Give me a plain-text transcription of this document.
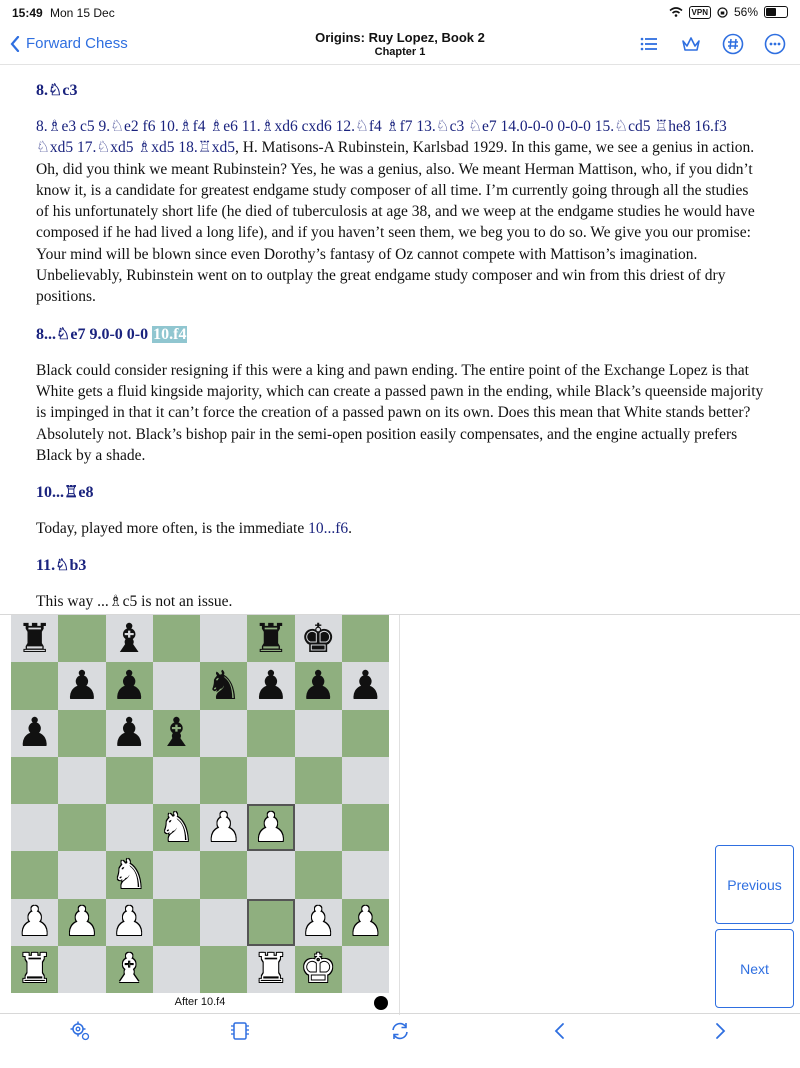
15:49 Mon 15 Dec	VPN 56%
Forward Chess	Origins: Ruy Lopez, Book 2
Chapter 1
8.♘c3

8.♗e3 c5 9.♘e2 f6 10.♗f4 ♗e6 11.♗xd6 cxd6 12.♘f4 ♗f7 13.♘c3 ♘e7 14.0-0-0 0-0-0 15.♘cd5 ♖he8 16.f3 ♘xd5 17.♘xd5 ♗xd5 18.♖xd5, H. Matisons-A Rubinstein, Karlsbad 1929. In this game, we see a genius in action. Oh, did you think we meant Rubinstein? Yes, he was a genius, also. We meant Herman Mattison, who, if you didn’t know it, is a candidate for greatest endgame study composer of all time. I’m currently going through all the studies of his unfortunately short life (he died of tuberculosis at age 38, and we weep at the endgame studies he would have composed if he had lived a long life), and if you haven’t seen them, we beg you to do so. We give you our promise: Your mind will be blown since even Dorothy’s fantasy of Oz cannot compete with Mattison’s imagination. Unbelievably, Rubinstein went on to outplay the great endgame study composer and win from this driest of dry positions.

8...♘e7 9.0-0 0-0 10.f4

Black could consider resigning if this were a king and pawn ending. The entire point of the Exchange Lopez is that White gets a fluid kingside majority, which can create a passed pawn in the ending, while Black’s queenside majority is impinged in that it can’t force the creation of a passed pawn on its own. Does this mean that White stands better? Absolutely not. Black’s bishop pair in the semi-open position easily compensates, and the engine actually prefers Black by a shade.

10...♖e8

Today, played more often, is the immediate 10...f6.

11.♘b3

This way ...♗c5 is not an issue.

♜ ♝	♜ ♚
♟ ♟ ♞ ♟ ♟ ♟
♟ ♟ ♝
♞ ♟ ♟
♞
♟ ♟ ♟	♟ ♟
♜ ♝	♜ ♚
After 10.f4
Previous
Next
